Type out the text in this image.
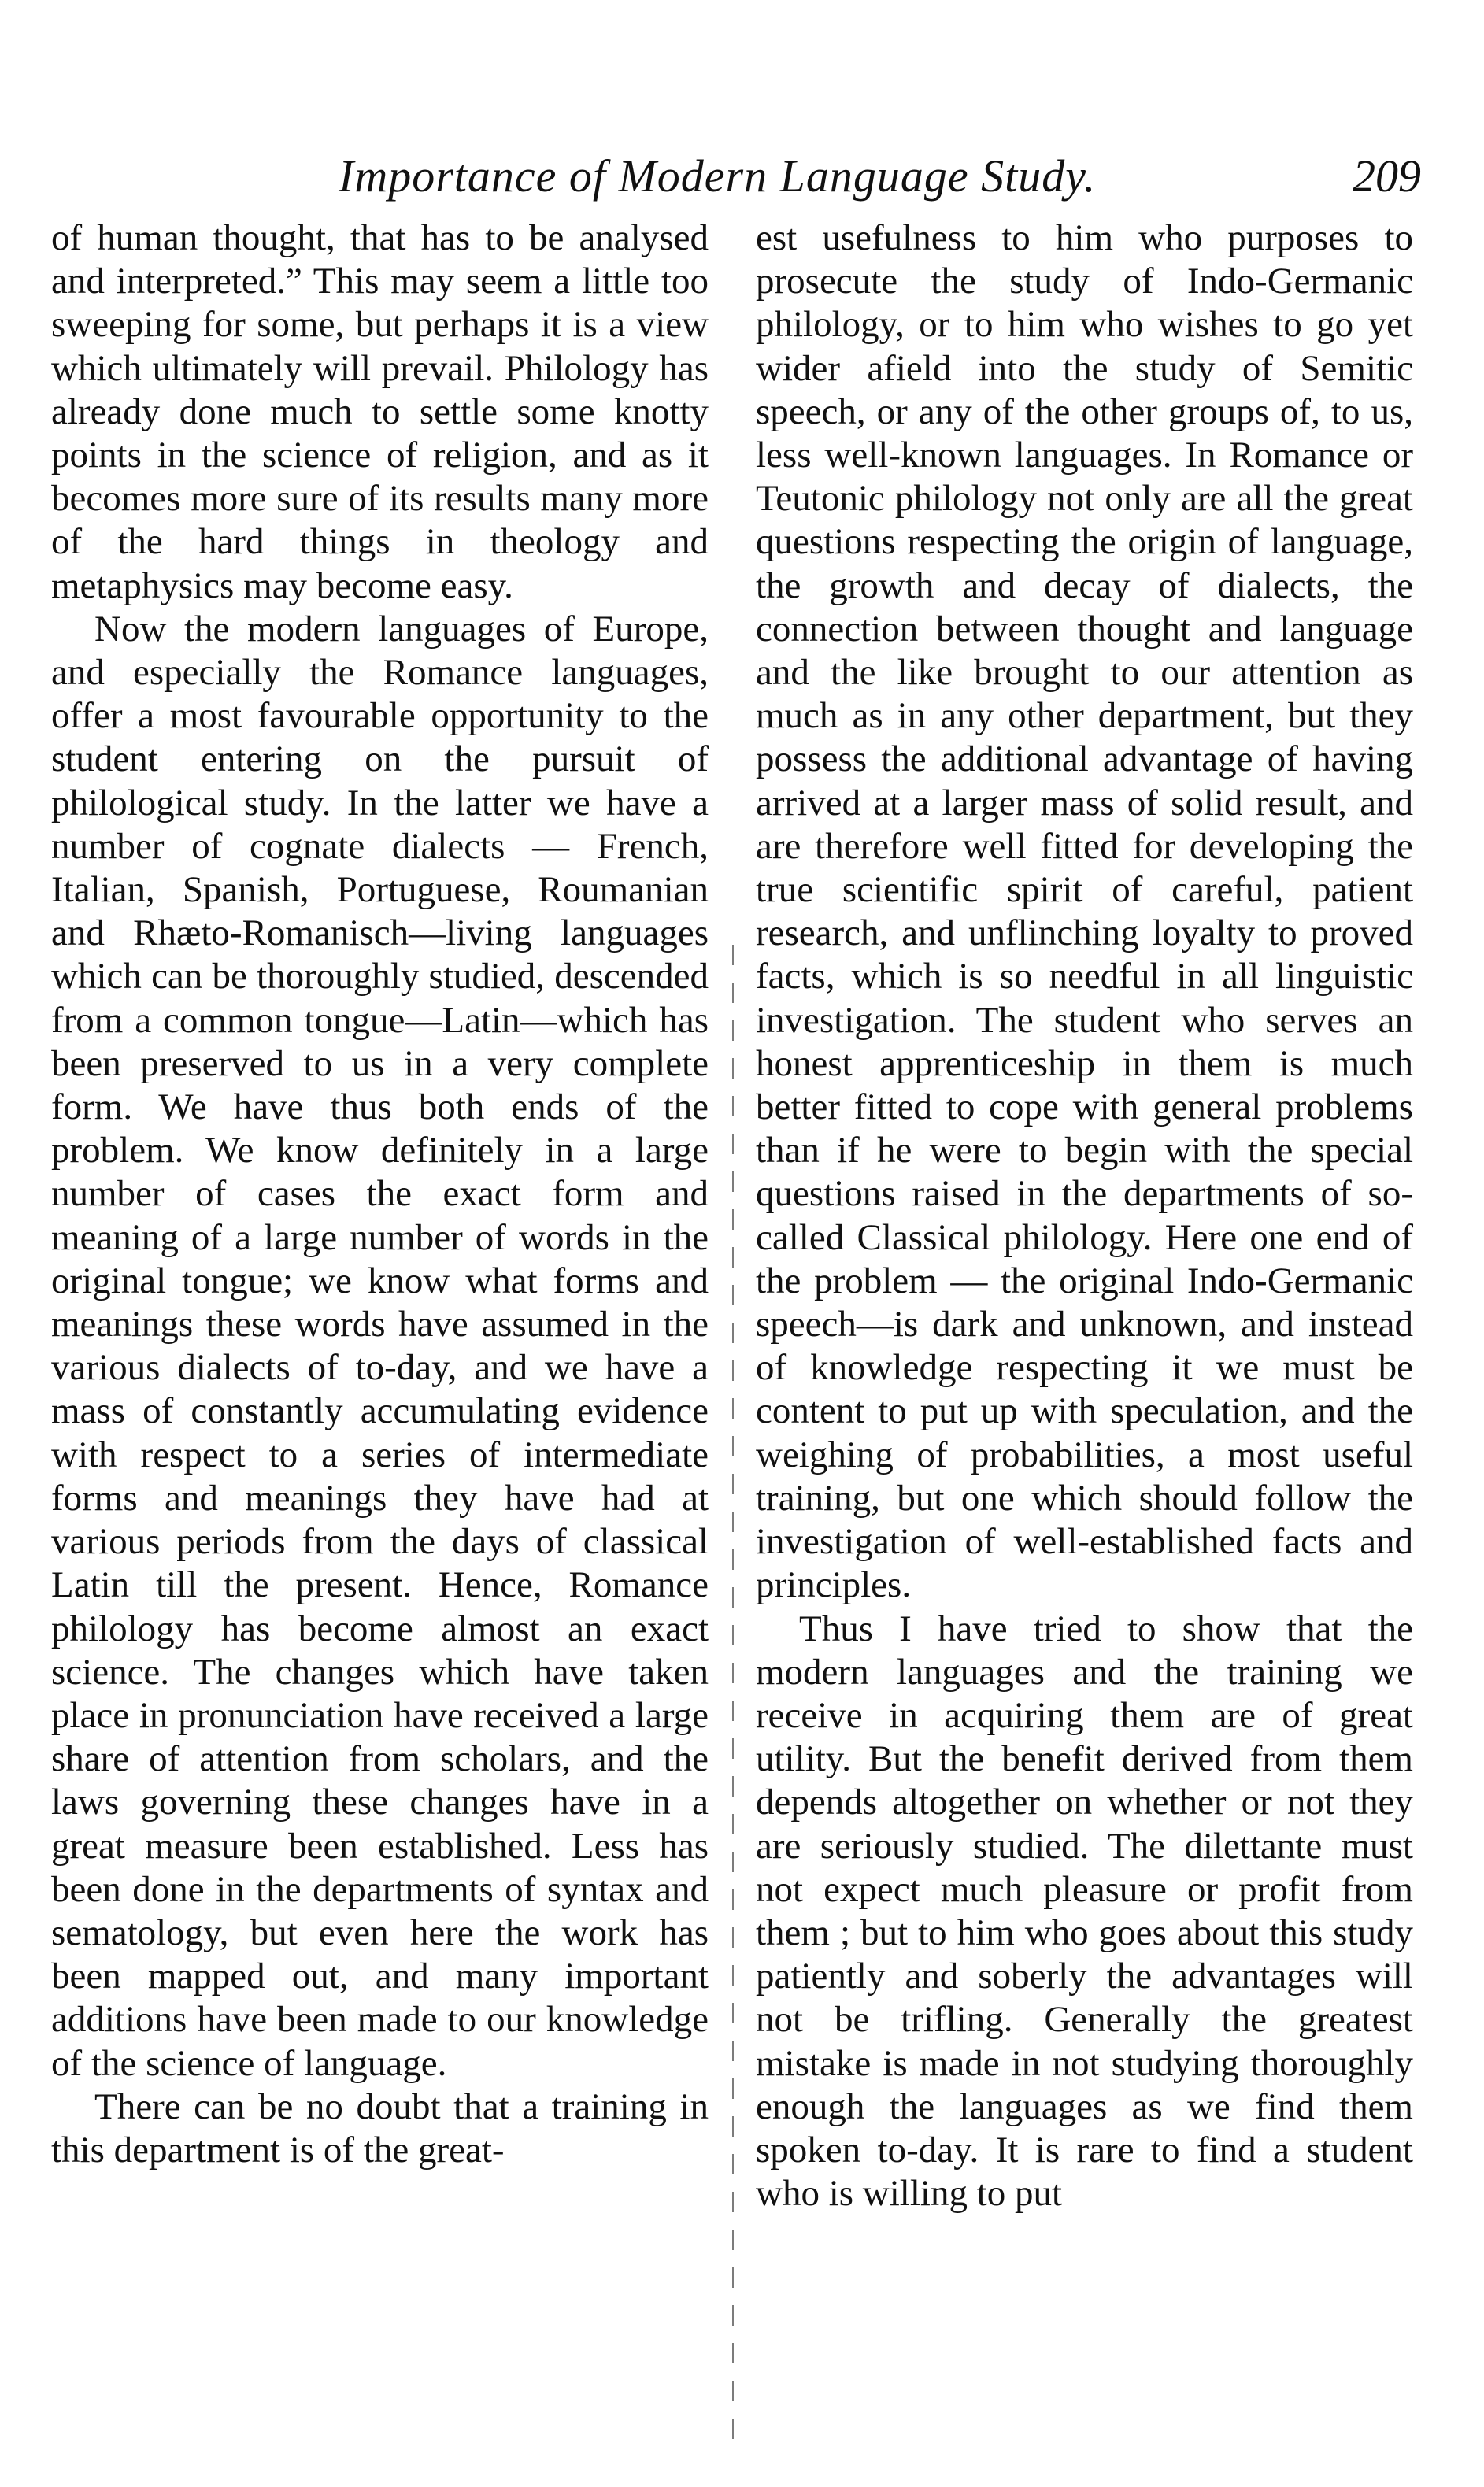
Importance of Modern Language Study.	209

of human thought, that has to be analysed and interpreted.” This may seem a little too sweeping for some, but perhaps it is a view which ultimately will prevail. Philology has already done much to settle some knotty points in the science of religion, and as it becomes more sure of its results many more of the hard things in theology and metaphysics may become easy.

Now the modern languages of Europe, and especially the Romance languages, offer a most favourable opportunity to the student entering on the pursuit of philological study. In the latter we have a number of cognate dialects — French, Italian, Spanish, Portuguese, Roumanian and Rhæto-Romanisch—living languages which can be thoroughly studied, descended from a common tongue—Latin—which has been preserved to us in a very complete form. We have thus both ends of the problem. We know definitely in a large number of cases the exact form and meaning of a large number of words in the original tongue; we know what forms and meanings these words have assumed in the various dialects of to-day, and we have a mass of constantly accumulating evidence with respect to a series of intermediate forms and meanings they have had at various periods from the days of classical Latin till the present. Hence, Romance philology has become almost an exact science. The changes which have taken place in pronunciation have received a large share of attention from scholars, and the laws governing these changes have in a great measure been established. Less has been done in the departments of syntax and sematology, but even here the work has been mapped out, and many important additions have been made to our knowledge of the science of language.

There can be no doubt that a training in this department is of the great-

est usefulness to him who purposes to prosecute the study of Indo-Germanic philology, or to him who wishes to go yet wider afield into the study of Semitic speech, or any of the other groups of, to us, less well-known languages. In Romance or Teutonic philology not only are all the great questions respecting the origin of language, the growth and decay of dialects, the connection between thought and language and the like brought to our attention as much as in any other department, but they possess the additional advantage of having arrived at a larger mass of solid result, and are therefore well fitted for developing the true scientific spirit of careful, patient research, and unflinching loyalty to proved facts, which is so needful in all linguistic investigation. The student who serves an honest apprenticeship in them is much better fitted to cope with general problems than if he were to begin with the special questions raised in the departments of so-called Classical philology. Here one end of the problem — the original Indo-Germanic speech—is dark and unknown, and instead of knowledge respecting it we must be content to put up with speculation, and the weighing of probabilities, a most useful training, but one which should follow the investigation of well-established facts and principles.

Thus I have tried to show that the modern languages and the training we receive in acquiring them are of great utility. But the benefit derived from them depends altogether on whether or not they are seriously studied. The dilettante must not expect much pleasure or profit from them ; but to him who goes about this study patiently and soberly the advantages will not be trifling. Generally the greatest mistake is made in not studying thoroughly enough the languages as we find them spoken to-day. It is rare to find a student who is willing to put
